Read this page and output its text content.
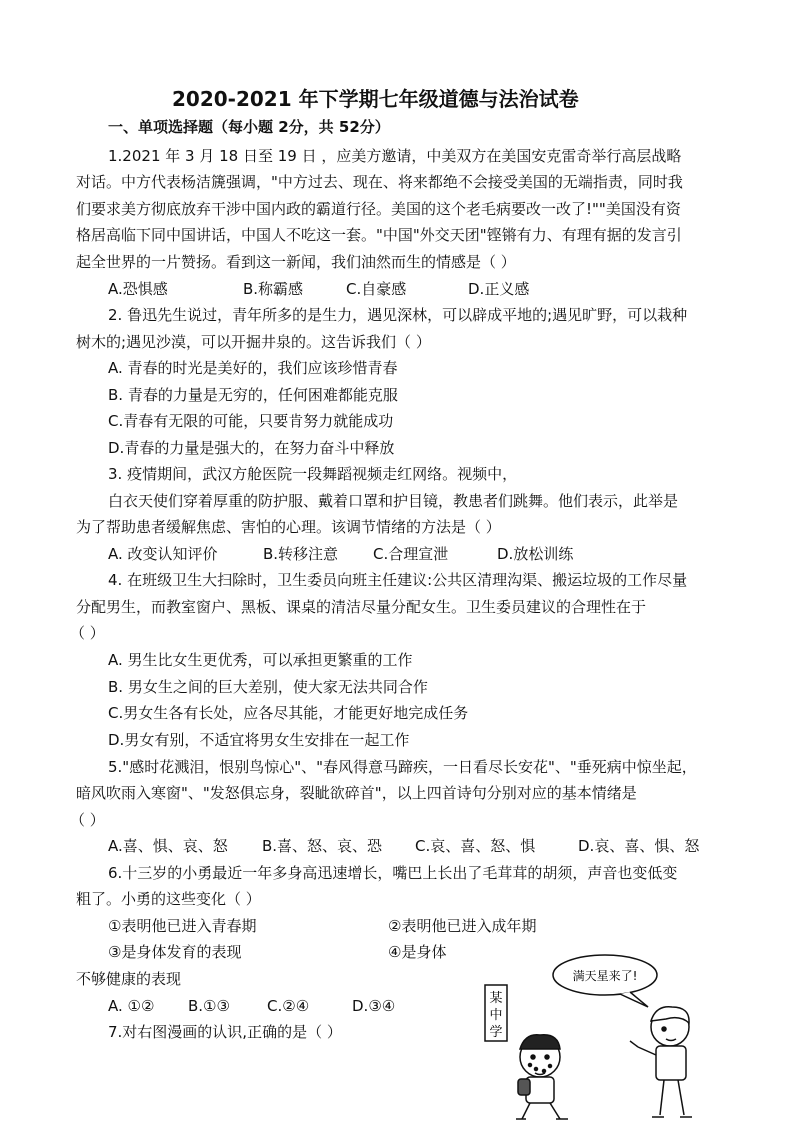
2020-2021 年下学期七年级道德与法治试卷
一、单项选择题（每小题 2分，共 52分）
1.2021 年 3 月 18 日至 19 日 ，应美方邀请，中美双方在美国安克雷奇举行高层战略
对话。中方代表杨洁篪强调，"中方过去、现在、将来都绝不会接受美国的无端指责，同时我
们要求美方彻底放弃干涉中国内政的霸道行径。美国的这个老毛病要改一改了!""美国没有资
格居高临下同中国讲话，中国人不吃这一套。"中国"外交天团"铿锵有力、有理有据的发言引
起全世界的一片赞扬。看到这一新闻，我们油然而生的情感是（ ）
A.恐惧感	B.称霸感	C.自豪感	D.正义感
2. 鲁迅先生说过，青年所多的是生力，遇见深林，可以辟成平地的;遇见旷野，可以栽种
树木的;遇见沙漠，可以开掘井泉的。这告诉我们（ ）
A. 青春的时光是美好的，我们应该珍惜青春
B. 青春的力量是无穷的，任何困难都能克服
C.青春有无限的可能，只要肯努力就能成功
D.青春的力量是强大的，在努力奋斗中释放
3. 疫情期间，武汉方舱医院一段舞蹈视频走红网络。视频中，
白衣天使们穿着厚重的防护服、戴着口罩和护目镜，教患者们跳舞。他们表示，此举是
为了帮助患者缓解焦虑、害怕的心理。该调节情绪的方法是（ ）
A. 改变认知评价	B.转移注意 C.合理宣泄	D.放松训练
4. 在班级卫生大扫除时，卫生委员向班主任建议:公共区清理沟渠、搬运垃圾的工作尽量
分配男生，而教室窗户、黑板、课桌的清洁尽量分配女生。卫生委员建议的合理性在于
（ ）
A. 男生比女生更优秀，可以承担更繁重的工作
B. 男女生之间的巨大差别，使大家无法共同合作
C.男女生各有长处，应各尽其能，才能更好地完成任务
D.男女有别，不适宜将男女生安排在一起工作
5."感时花溅泪，恨别鸟惊心"、"春风得意马蹄疾，一日看尽长安花"、"垂死病中惊坐起，
暗风吹雨入寒窗"、"发怒俱忘身，裂眦欲碎首"，以上四首诗句分别对应的基本情绪是
（ ）
A.喜、惧、哀、怒 B.喜、怒、哀、恐 C.哀、喜、怒、惧	D.哀、喜、惧、怒
6.十三岁的小勇最近一年多身高迅速增长，嘴巴上长出了毛茸茸的胡须，声音也变低变
粗了。小勇的这些变化（ ）
①表明他已进入青春期	②表明他已进入成年期
③是身体发育的表现	④是身体
不够健康的表现
A. ①② B.①③ C.②④	D.③④
7.对右图漫画的认识,正确的是（ ）
某
中
学
满天星来了!
